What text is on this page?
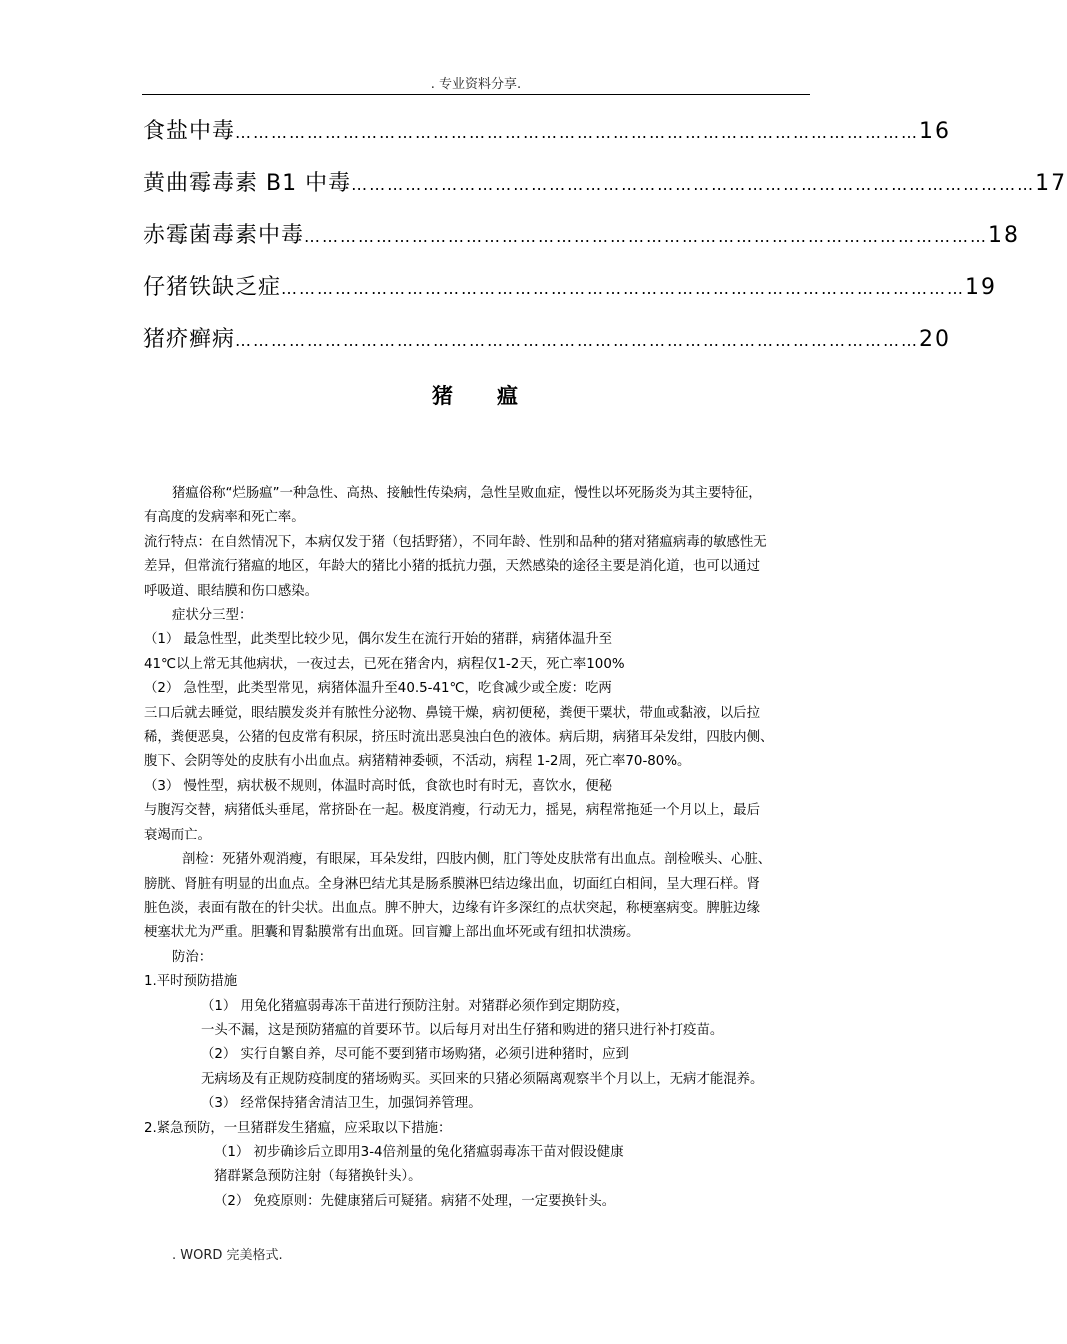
. 专业资料分享.
食盐中毒 …………………………………………………………………………………………………… 16
黄曲霉毒素 B1 中毒 …………………………………………………………………………………………………… 17
赤霉菌毒素中毒 …………………………………………………………………………………………………… 18
仔猪铁缺乏症 …………………………………………………………………………………………………… 19
猪疥癣病 …………………………………………………………………………………………………… 20
猪瘟

猪瘟俗称“烂肠瘟”一种急性、高热、接触性传染病，急性呈败血症，慢性以坏死肠炎为其主要特征，

有高度的发病率和死亡率。

流行特点：在自然情况下，本病仅发于猪（包括野猪），不同年龄、性别和品种的猪对猪瘟病毒的敏感性无

差异，但常流行猪瘟的地区，年龄大的猪比小猪的抵抗力强，天然感染的途径主要是消化道，也可以通过

呼吸道、眼结膜和伤口感染。

症状分三型：

（1） 最急性型，此类型比较少见，偶尔发生在流行开始的猪群，病猪体温升至

41℃以上常无其他病状，一夜过去，已死在猪舍内，病程仅1-2天，死亡率100%

（2） 急性型，此类型常见，病猪体温升至40.5-41℃，吃食减少或全废：吃两

三口后就去睡觉，眼结膜发炎并有脓性分泌物、鼻镜干燥，病初便秘，粪便干粟状，带血或黏液，以后拉

稀，粪便恶臭，公猪的包皮常有积尿，挤压时流出恶臭浊白色的液体。病后期，病猪耳朵发绀，四肢内侧、

腹下、会阴等处的皮肤有小出血点。病猪精神委顿，不活动，病程 1-2周，死亡率70-80%。

（3） 慢性型，病状极不规则，体温时高时低，食欲也时有时无，喜饮水，便秘

与腹泻交替，病猪低头垂尾，常挤卧在一起。极度消瘦，行动无力，摇晃，病程常拖延一个月以上，最后

衰竭而亡。

剖检：死猪外观消瘦，有眼屎，耳朵发绀，四肢内侧，肛门等处皮肤常有出血点。剖检喉头、心脏、

膀胱、肾脏有明显的出血点。全身淋巴结尤其是肠系膜淋巴结边缘出血，切面红白相间，呈大理石样。肾

脏色淡，表面有散在的针尖状。出血点。脾不肿大，边缘有许多深红的点状突起，称梗塞病变。脾脏边缘

梗塞状尤为严重。胆囊和胃黏膜常有出血斑。回盲瓣上部出血坏死或有纽扣状溃疡。

防治：

1.平时预防措施

（1） 用兔化猪瘟弱毒冻干苗进行预防注射。对猪群必须作到定期防疫，

一头不漏，这是预防猪瘟的首要环节。以后每月对出生仔猪和购进的猪只进行补打疫苗。

（2） 实行自繁自养，尽可能不要到猪市场购猪，必须引进种猪时，应到

无病场及有正规防疫制度的猪场购买。买回来的只猪必须隔离观察半个月以上，无病才能混养。

（3） 经常保持猪舍清洁卫生，加强饲养管理。

2.紧急预防，一旦猪群发生猪瘟，应采取以下措施：

（1） 初步确诊后立即用3-4倍剂量的兔化猪瘟弱毒冻干苗对假设健康

猪群紧急预防注射（每猪换针头）。

（2） 免疫原则：先健康猪后可疑猪。病猪不处理，一定要换针头。

. WORD 完美格式.
